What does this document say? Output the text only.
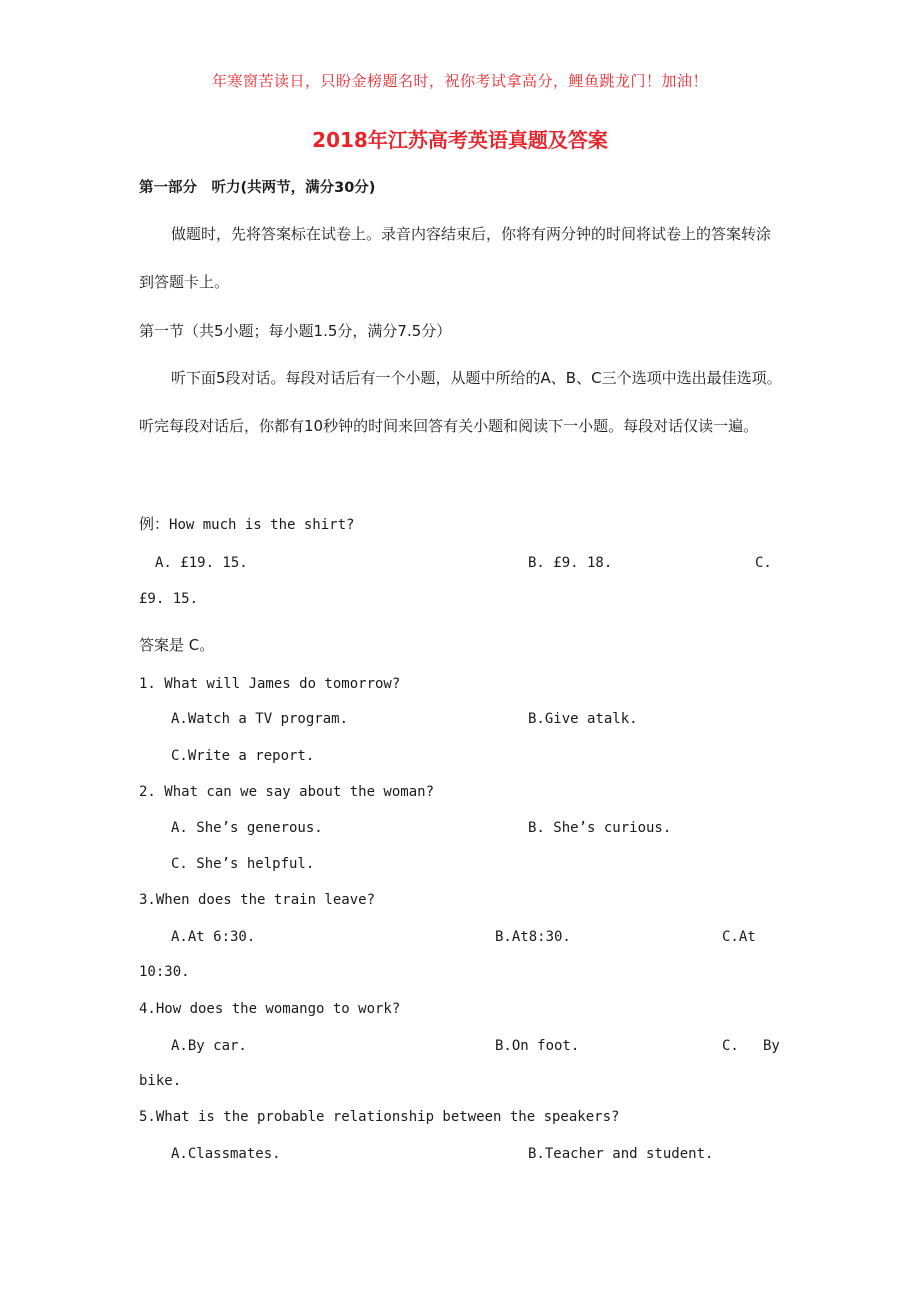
年寒窗苦读日，只盼金榜题名时，祝你考试拿高分，鲤鱼跳龙门！加油！
2018年江苏高考英语真题及答案
第一部分　听力(共两节，满分30分)
做题时，先将答案标在试卷上。录音内容结束后，你将有两分钟的时间将试卷上的答案转涂到答题卡上。
第一节（共5小题；每小题1.5分，满分7.5分）
听下面5段对话。每段对话后有一个小题，从题中所给的A、B、C三个选项中选出最佳选项。听完每段对话后，你都有10秒钟的时间来回答有关小题和阅读下一小题。每段对话仅读一遍。
例：How much is the shirt?
A. £19. 15.	B. £9. 18.	C.
£9. 15.
答案是 C。
1. What will James do tomorrow?
A.Watch a TV program.	B.Give atalk.
C.Write a report.
2. What can we say about the woman?
A. She’s generous.	B. She’s curious.
C. She’s helpful.
3.When does the train leave?
A.At 6:30.	B.At8:30.	C.At
10:30.
4.How does the womango to work?
A.By car.	B.On foot.	C. By
bike.
5.What is the probable relationship between the speakers?
A.Classmates.	B.Teacher and student.
